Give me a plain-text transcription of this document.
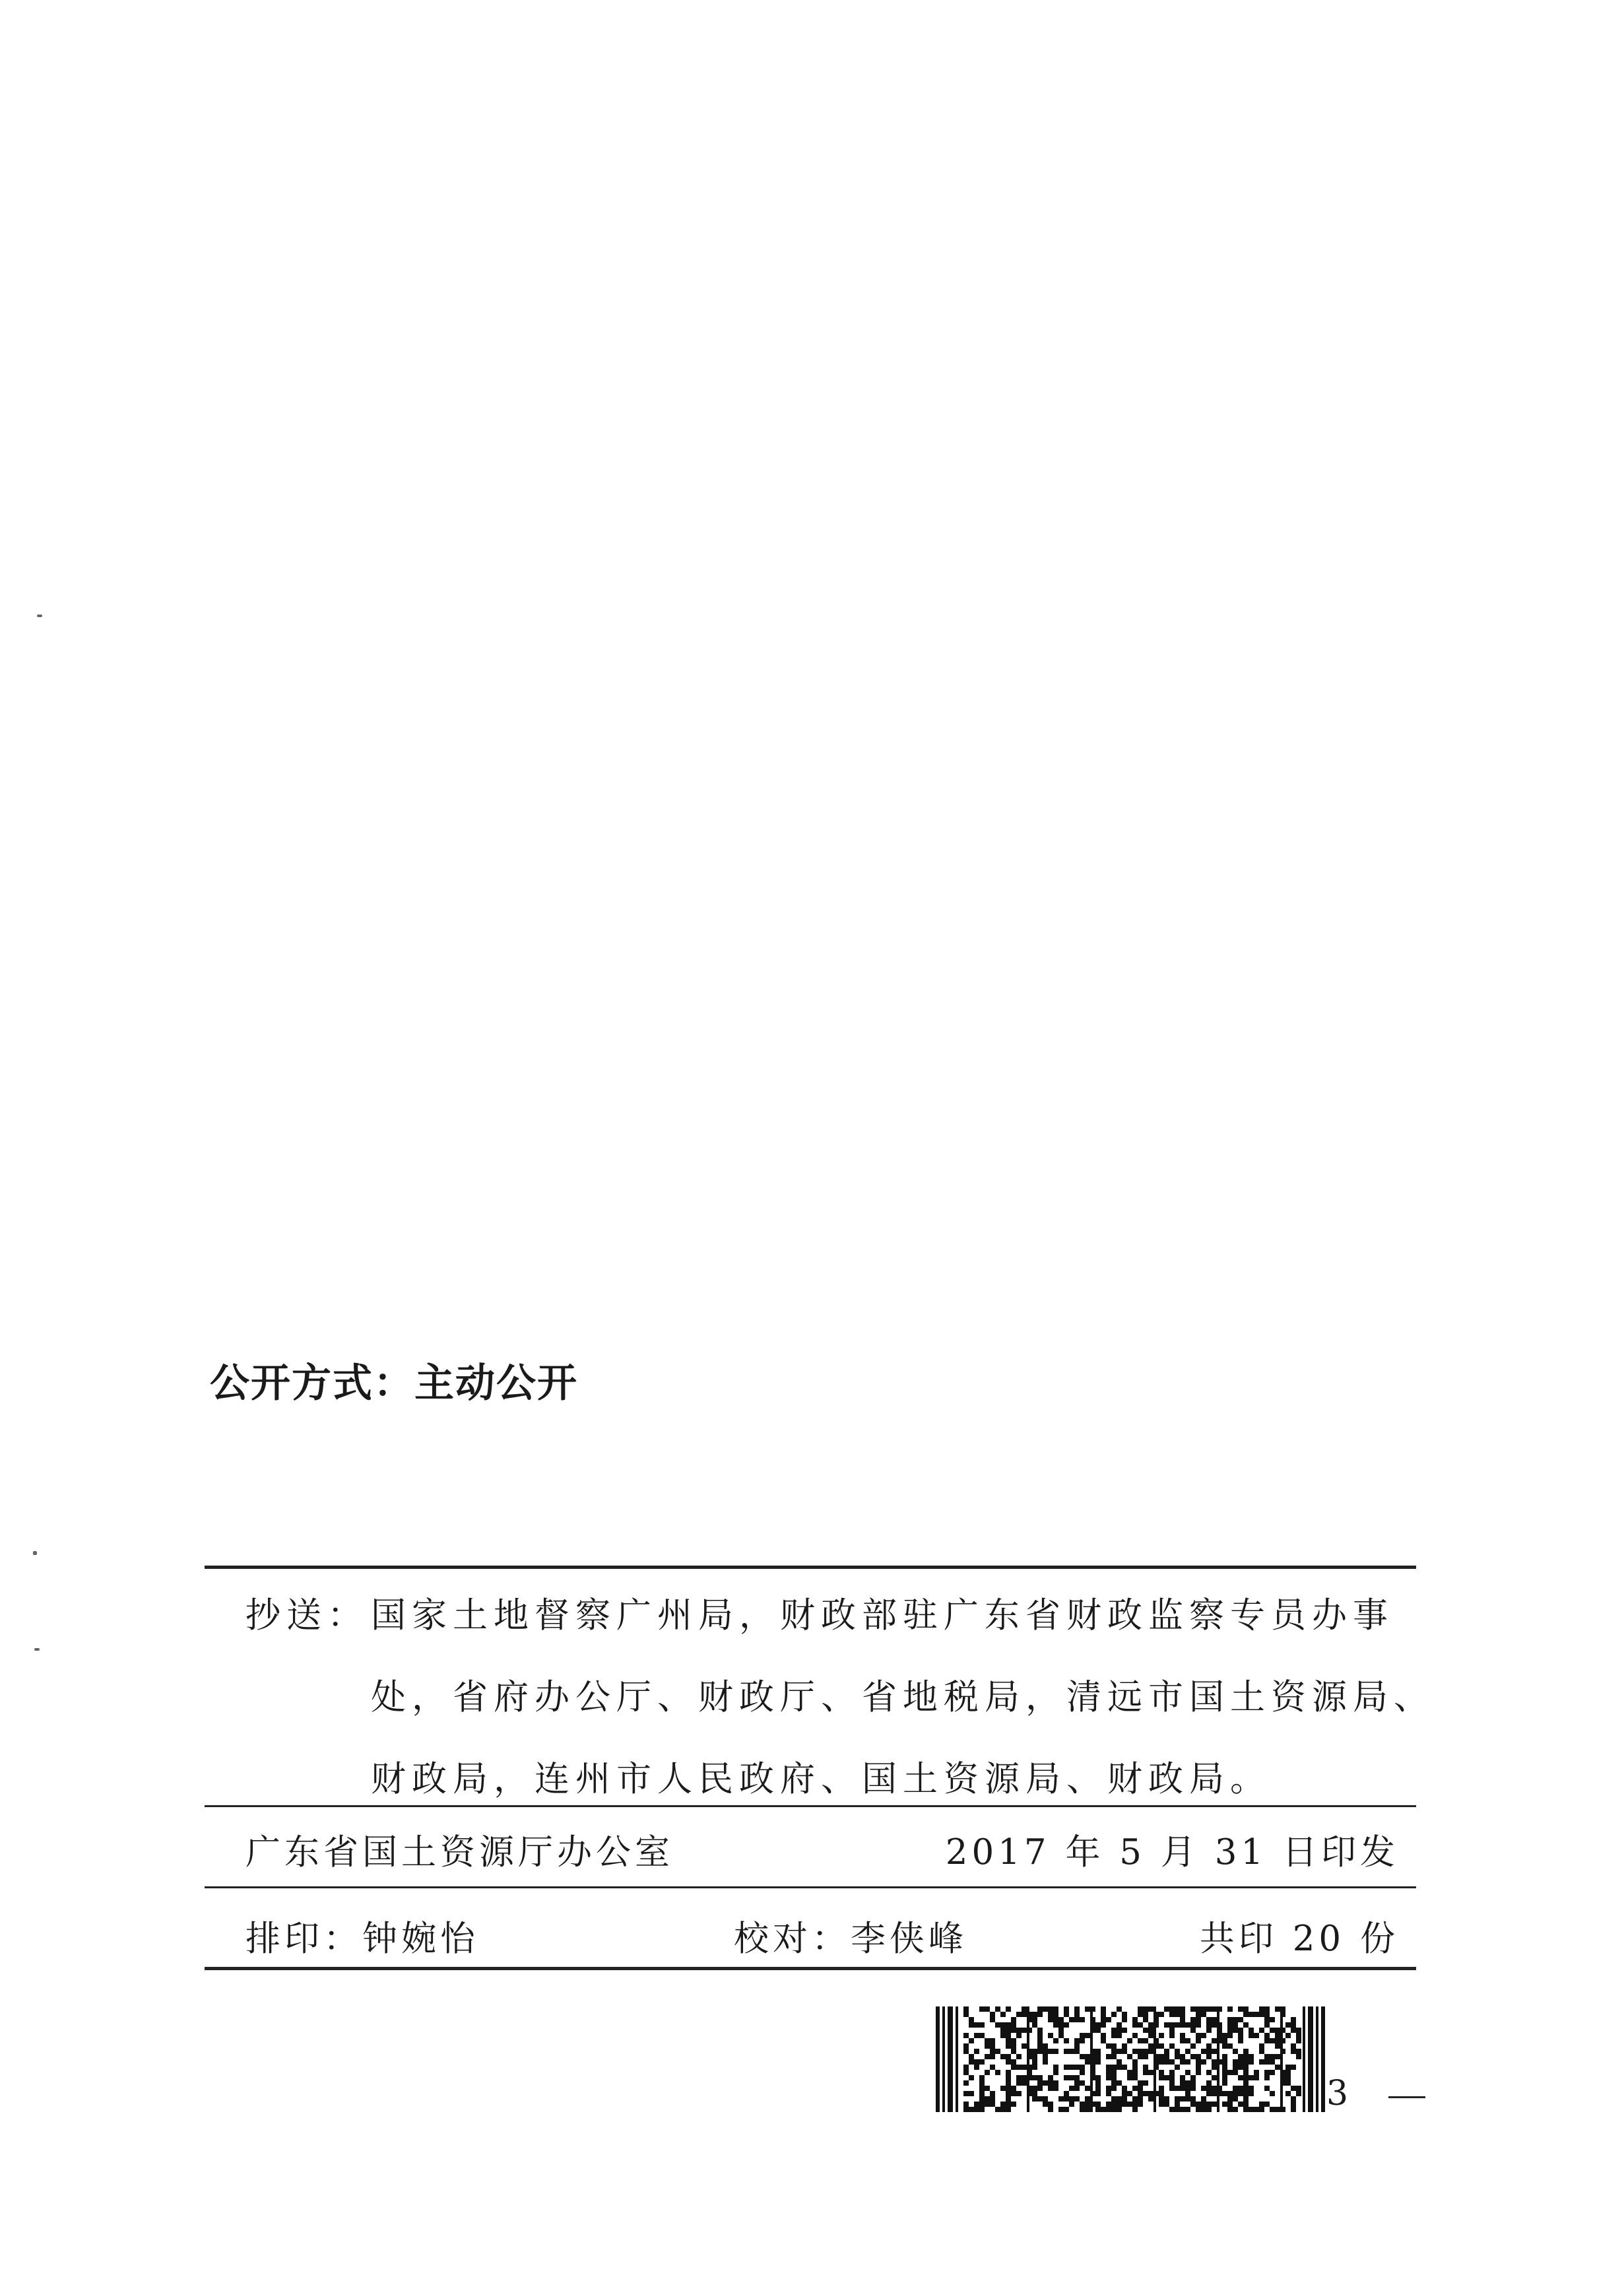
公开方式：主动公开
抄送：国家土地督察广州局，财政部驻广东省财政监察专员办事
处，省府办公厅、财政厅、省地税局，清远市国土资源局、
财政局，连州市人民政府、国土资源局、财政局。
广东省国土资源厅办公室	2017 年 5 月 31 日印发
排印：钟婉怡	校对：李侠峰	共印 20 份
3
